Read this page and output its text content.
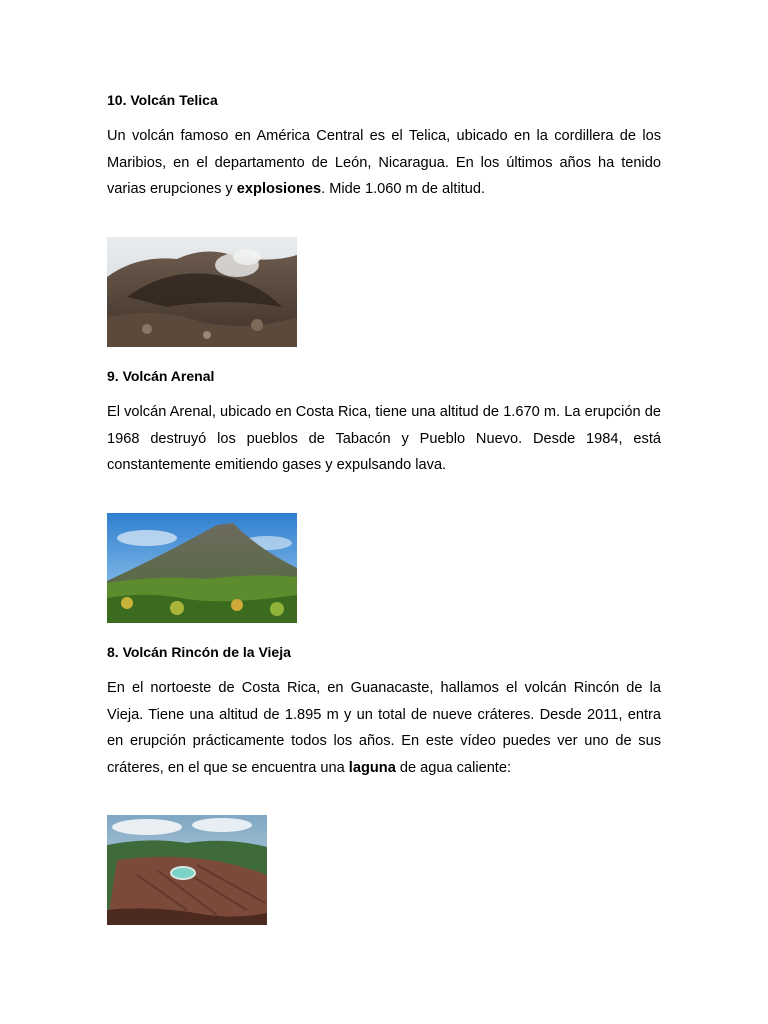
10. Volcán Telica

Un volcán famoso en América Central es el Telica, ubicado en la cordillera de los Maribios, en el departamento de León, Nicaragua. En los últimos años ha tenido varias erupciones y explosiones. Mide 1.060 m de altitud.

9. Volcán Arenal

El volcán Arenal, ubicado en Costa Rica, tiene una altitud de 1.670 m. La erupción de 1968 destruyó los pueblos de Tabacón y Pueblo Nuevo. Desde 1984, está constantemente emitiendo gases y expulsando lava.

8. Volcán Rincón de la Vieja

En el nortoeste de Costa Rica, en Guanacaste, hallamos el volcán Rincón de la Vieja. Tiene una altitud de 1.895 m y un total de nueve cráteres. Desde 2011, entra en erupción prácticamente todos los años. En este vídeo puedes ver uno de sus cráteres, en el que se encuentra una laguna de agua caliente:
